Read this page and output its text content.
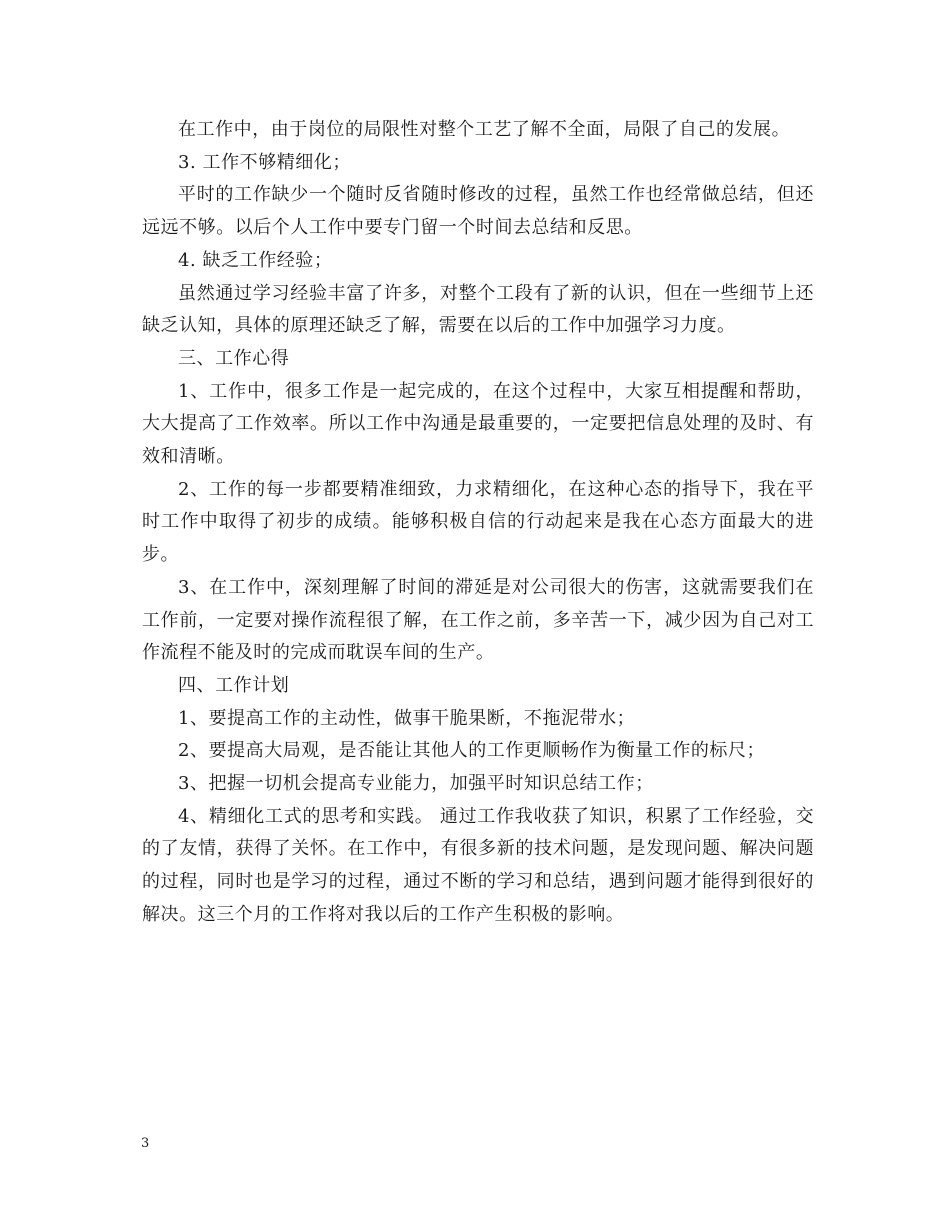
在工作中，由于岗位的局限性对整个工艺了解不全面，局限了自己的发展。

3. 工作不够精细化；

平时的工作缺少一个随时反省随时修改的过程，虽然工作也经常做总结，但还远远不够。以后个人工作中要专门留一个时间去总结和反思。

4. 缺乏工作经验；

虽然通过学习经验丰富了许多，对整个工段有了新的认识，但在一些细节上还缺乏认知，具体的原理还缺乏了解，需要在以后的工作中加强学习力度。

三、工作心得

1、工作中，很多工作是一起完成的，在这个过程中，大家互相提醒和帮助，大大提高了工作效率。所以工作中沟通是最重要的，一定要把信息处理的及时、有效和清晰。

2、工作的每一步都要精准细致，力求精细化，在这种心态的指导下，我在平时工作中取得了初步的成绩。能够积极自信的行动起来是我在心态方面最大的进步。

3、在工作中，深刻理解了时间的滞延是对公司很大的伤害，这就需要我们在工作前，一定要对操作流程很了解，在工作之前，多辛苦一下，减少因为自己对工作流程不能及时的完成而耽误车间的生产。

四、工作计划

1、要提高工作的主动性，做事干脆果断，不拖泥带水；

2、要提高大局观，是否能让其他人的工作更顺畅作为衡量工作的标尺；

3、把握一切机会提高专业能力，加强平时知识总结工作；

4、精细化工式的思考和实践。 通过工作我收获了知识，积累了工作经验，交的了友情，获得了关怀。在工作中，有很多新的技术问题，是发现问题、解决问题的过程，同时也是学习的过程，通过不断的学习和总结，遇到问题才能得到很好的解决。这三个月的工作将对我以后的工作产生积极的影响。

3
